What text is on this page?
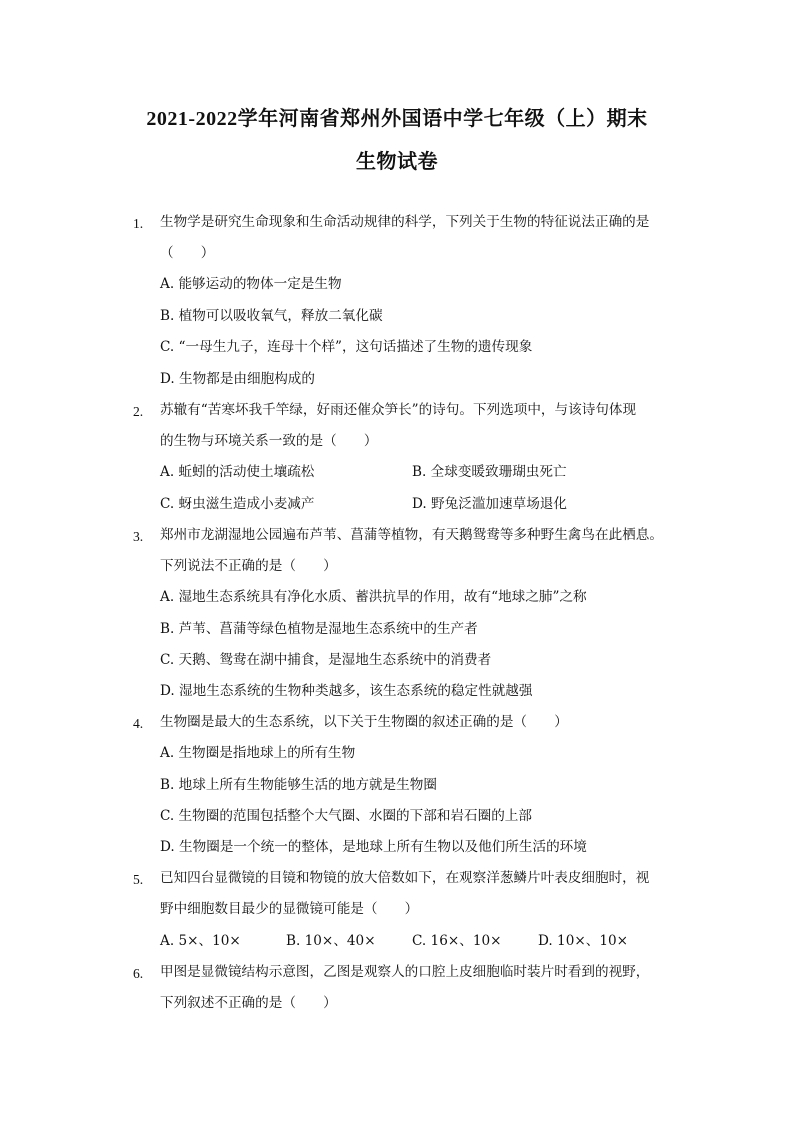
2021-2022学年河南省郑州外国语中学七年级（上）期末
生物试卷
1. 生物学是研究生命现象和生命活动规律的科学，下列关于生物的特征说法正确的是
（　　）
A. 能够运动的物体一定是生物
B. 植物可以吸收氧气，释放二氧化碳
C. “一母生九子，连母十个样”，这句话描述了生物的遗传现象
D. 生物都是由细胞构成的
2. 苏辙有“苦寒坏我千竿绿，好雨还催众笋长”的诗句。下列选项中，与该诗句体现
的生物与环境关系一致的是（　　）
A. 蚯蚓的活动使土壤疏松	B. 全球变暖致珊瑚虫死亡
C. 蚜虫滋生造成小麦减产	D. 野兔泛滥加速草场退化
3. 郑州市龙湖湿地公园遍布芦苇、菖蒲等植物，有天鹅鸳鸯等多种野生禽鸟在此栖息。
下列说法不正确的是（　　）
A. 湿地生态系统具有净化水质、蓄洪抗旱的作用，故有“地球之肺”之称
B. 芦苇、菖蒲等绿色植物是湿地生态系统中的生产者
C. 天鹅、鸳鸯在湖中捕食，是湿地生态系统中的消费者
D. 湿地生态系统的生物种类越多，该生态系统的稳定性就越强
4. 生物圈是最大的生态系统，以下关于生物圈的叙述正确的是（　　）
A. 生物圈是指地球上的所有生物
B. 地球上所有生物能够生活的地方就是生物圈
C. 生物圈的范围包括整个大气圈、水圈的下部和岩石圈的上部
D. 生物圈是一个统一的整体，是地球上所有生物以及他们所生活的环境
5. 已知四台显微镜的目镜和物镜的放大倍数如下，在观察洋葱鳞片叶表皮细胞时，视
野中细胞数目最少的显微镜可能是（　　）
A. 5×、10×	B. 10×、40×	C. 16×、10×	D. 10×、10×
6. 甲图是显微镜结构示意图，乙图是观察人的口腔上皮细胞临时装片时看到的视野，
下列叙述不正确的是（　　）
